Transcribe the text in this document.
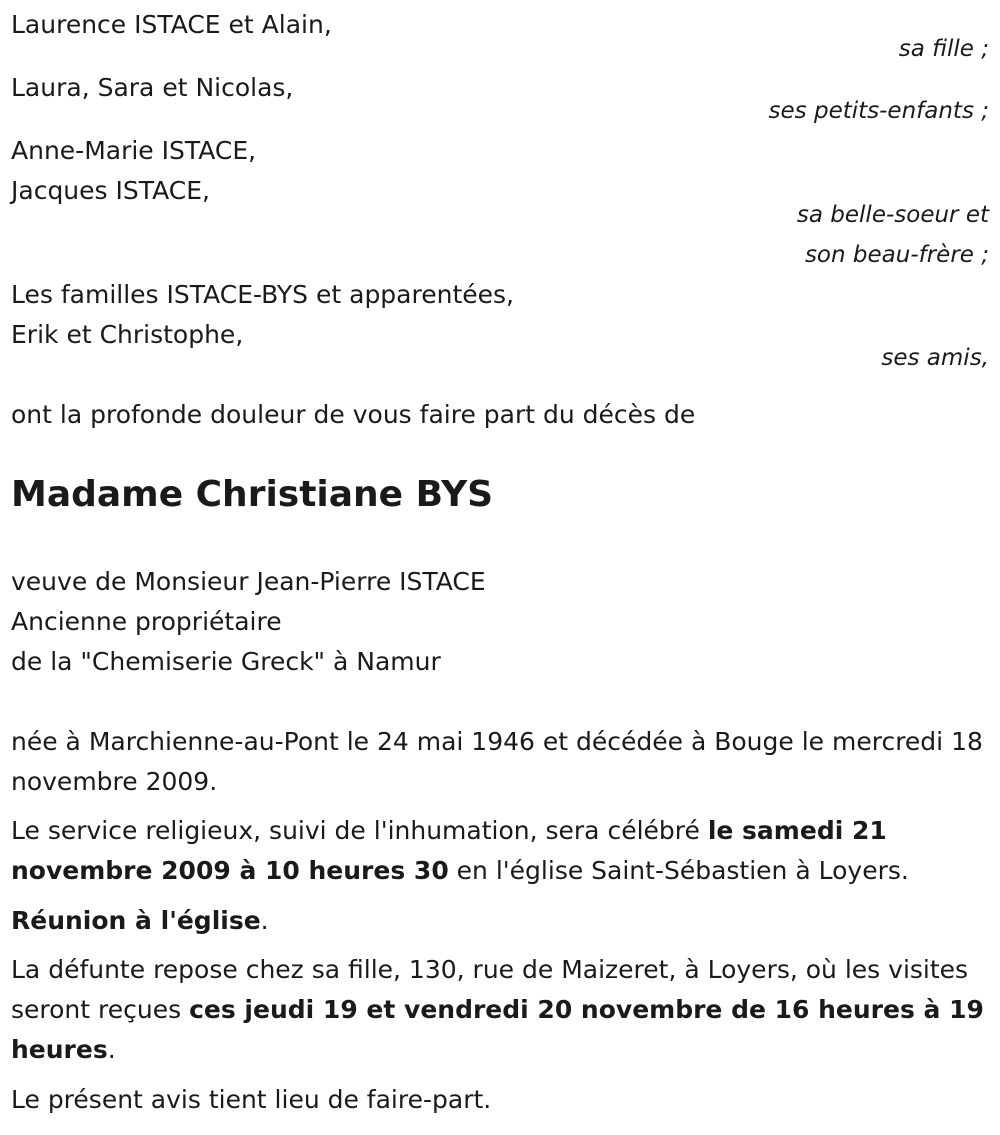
Laurence ISTACE et Alain,
sa fille ;
Laura, Sara et Nicolas,
ses petits-enfants ;
Anne-Marie ISTACE,
Jacques ISTACE,
sa belle-soeur et
son beau-frère ;
Les familles ISTACE-BYS et apparentées,
Erik et Christophe,
ses amis,
ont la profonde douleur de vous faire part du décès de
Madame Christiane BYS
veuve de Monsieur Jean-Pierre ISTACE
Ancienne propriétaire
de la "Chemiserie Greck" à Namur
née à Marchienne-au-Pont le 24 mai 1946 et décédée à Bouge le mercredi 18 novembre 2009.
Le service religieux, suivi de l'inhumation, sera célébré le samedi 21 novembre 2009 à 10 heures 30 en l'église Saint-Sébastien à Loyers.
Réunion à l'église.
La défunte repose chez sa fille, 130, rue de Maizeret, à Loyers, où les visites seront reçues ces jeudi 19 et vendredi 20 novembre de 16 heures à 19 heures.
Le présent avis tient lieu de faire-part.
